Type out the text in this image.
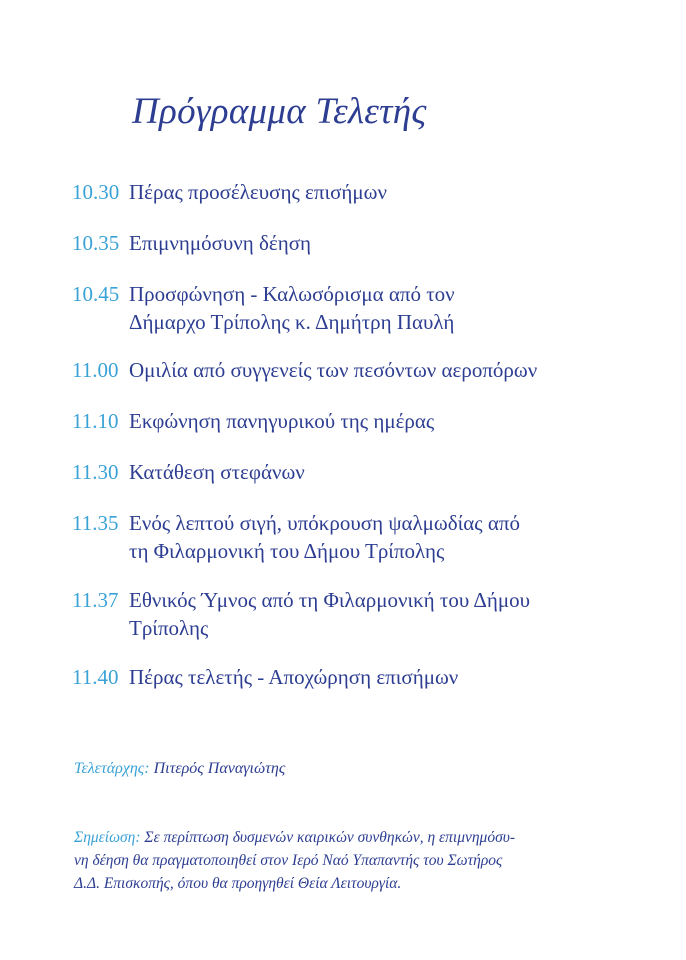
Πρόγραμμα Τελετής
10.30 Πέρας προσέλευσης επισήμων
10.35 Επιμνημόσυνη δέηση
10.45 Προσφώνηση - Καλωσόρισμα από τον
Δήμαρχο Τρίπολης κ. Δημήτρη Παυλή
11.00 Ομιλία από συγγενείς των πεσόντων αεροπόρων
11.10 Εκφώνηση πανηγυρικού της ημέρας
11.30 Κατάθεση στεφάνων
11.35 Ενός λεπτού σιγή, υπόκρουση ψαλμωδίας από
τη Φιλαρμονική του Δήμου Τρίπολης
11.37 Εθνικός Ύμνος από τη Φιλαρμονική του Δήμου
Τρίπολης
11.40 Πέρας τελετής - Αποχώρηση επισήμων
Τελετάρχης: Πιτερός Παναγιώτης
Σημείωση: Σε περίπτωση δυσμενών καιρικών συνθηκών, η επιμνημόσυ-
νη δέηση θα πραγματοποιηθεί στον Ιερό Ναό Υπαπαντής του Σωτήρος
Δ.Δ. Επισκοπής, όπου θα προηγηθεί Θεία Λειτουργία.
